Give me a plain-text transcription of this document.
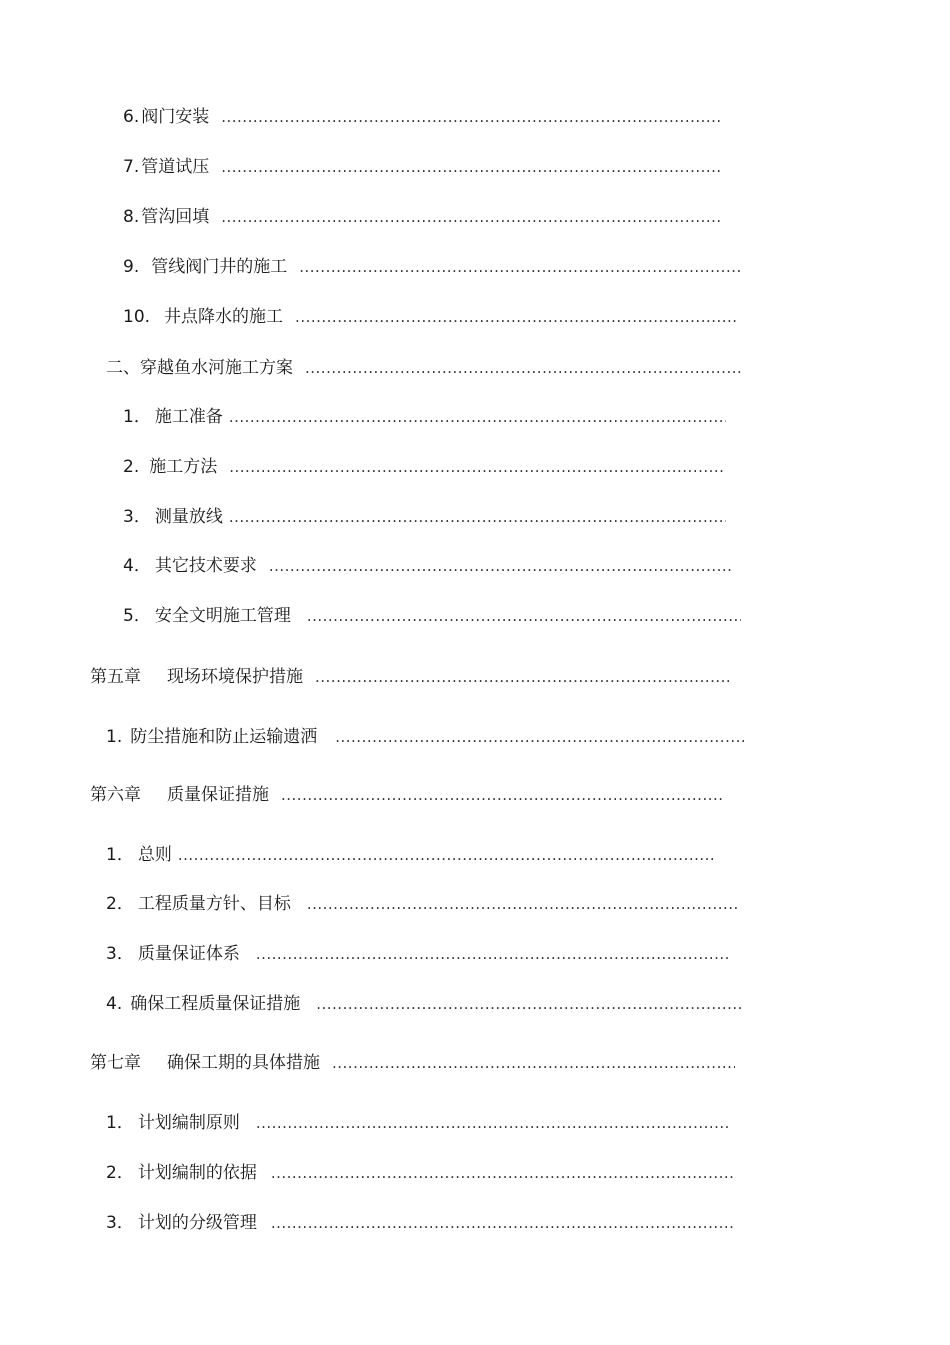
6. 阀门安装
.....
7. 管道试压
.....
8. 管沟回填
.....
9. 管线阀门井的施工
.....
10. 井点降水的施工
.....
二、 穿越鱼水河施工方案
.....
1． 施工准备
.....
2. 施工方法
.....
3． 测量放线
.....
4． 其它技术要求
.....
5． 安全文明施工管理
.....
第五章 现场环境保护措施
.....
1. 防尘措施和防止运输遗洒
.....
第六章 质量保证措施
.....
1． 总则
.....
2． 工程质量方针、目标
.....
3． 质量保证体系
.....
4. 确保工程质量保证措施
.....
第七章 确保工期的具体措施
.....
1． 计划编制原则
.....
2． 计划编制的依据
.....
3． 计划的分级管理
.....
